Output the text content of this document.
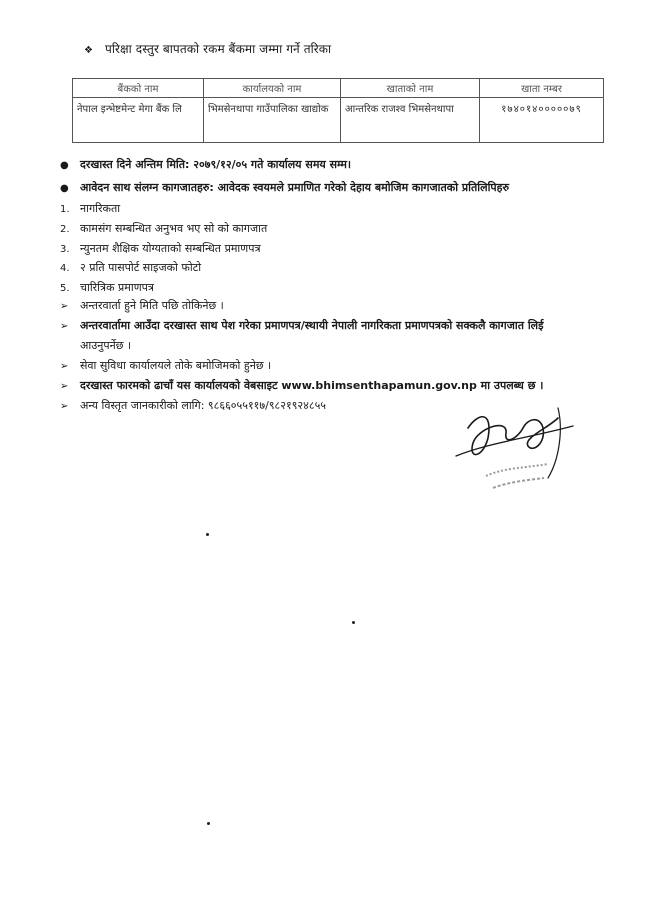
❖ परिक्षा दस्तुर बापतको रकम बैंकमा जम्मा गर्ने तरिका
बैंकको नाम	कार्यालयको नाम	खाताको नाम	खाता नम्बर
नेपाल इन्भेष्टमेन्ट मेगा बैंक लि	भिमसेनथापा गाउँपालिका खाद्योक	आन्तरिक राजश्व भिमसेनथापा	१७४०१४०००००७९
● दरखास्त दिने अन्तिम मिति: २०७९/१२/०५ गते कार्यालय समय सम्म।
● आवेदन साथ संलग्न कागजातहरु: आवेदक स्वयमले प्रमाणित गरेको देहाय बमोजिम कागजातको प्रतिलिपिहरु
1. नागरिकता
2. कामसंग सम्बन्धित अनुभव भए सो को कागजात
3. न्युनतम शैक्षिक योग्यताको सम्बन्धित प्रमाणपत्र
4. २ प्रति पासपोर्ट साइजको फोटो
5. चारित्रिक प्रमाणपत्र
➢ अन्तरवार्ता हुने मिति पछि तोकिनेछ ।
➢ अन्तरवार्तामा आउँदा दरखास्त साथ पेश गरेका प्रमाणपत्र/स्थायी नेपाली नागरिकता प्रमाणपत्रको सक्कलै कागजात लिई
आउनुपर्नेछ ।
➢ सेवा सुविधा कार्यालयले तोके बमोजिमको हुनेछ ।
➢ दरखास्त फारमको ढाचाँ यस कार्यालयको वेबसाइट www.bhimsenthapamun.gov.np मा उपलब्ध छ ।
➢ अन्य विस्तृत जानकारीको लागि: ९८६६०५५११७/९८२१९२४८५५
